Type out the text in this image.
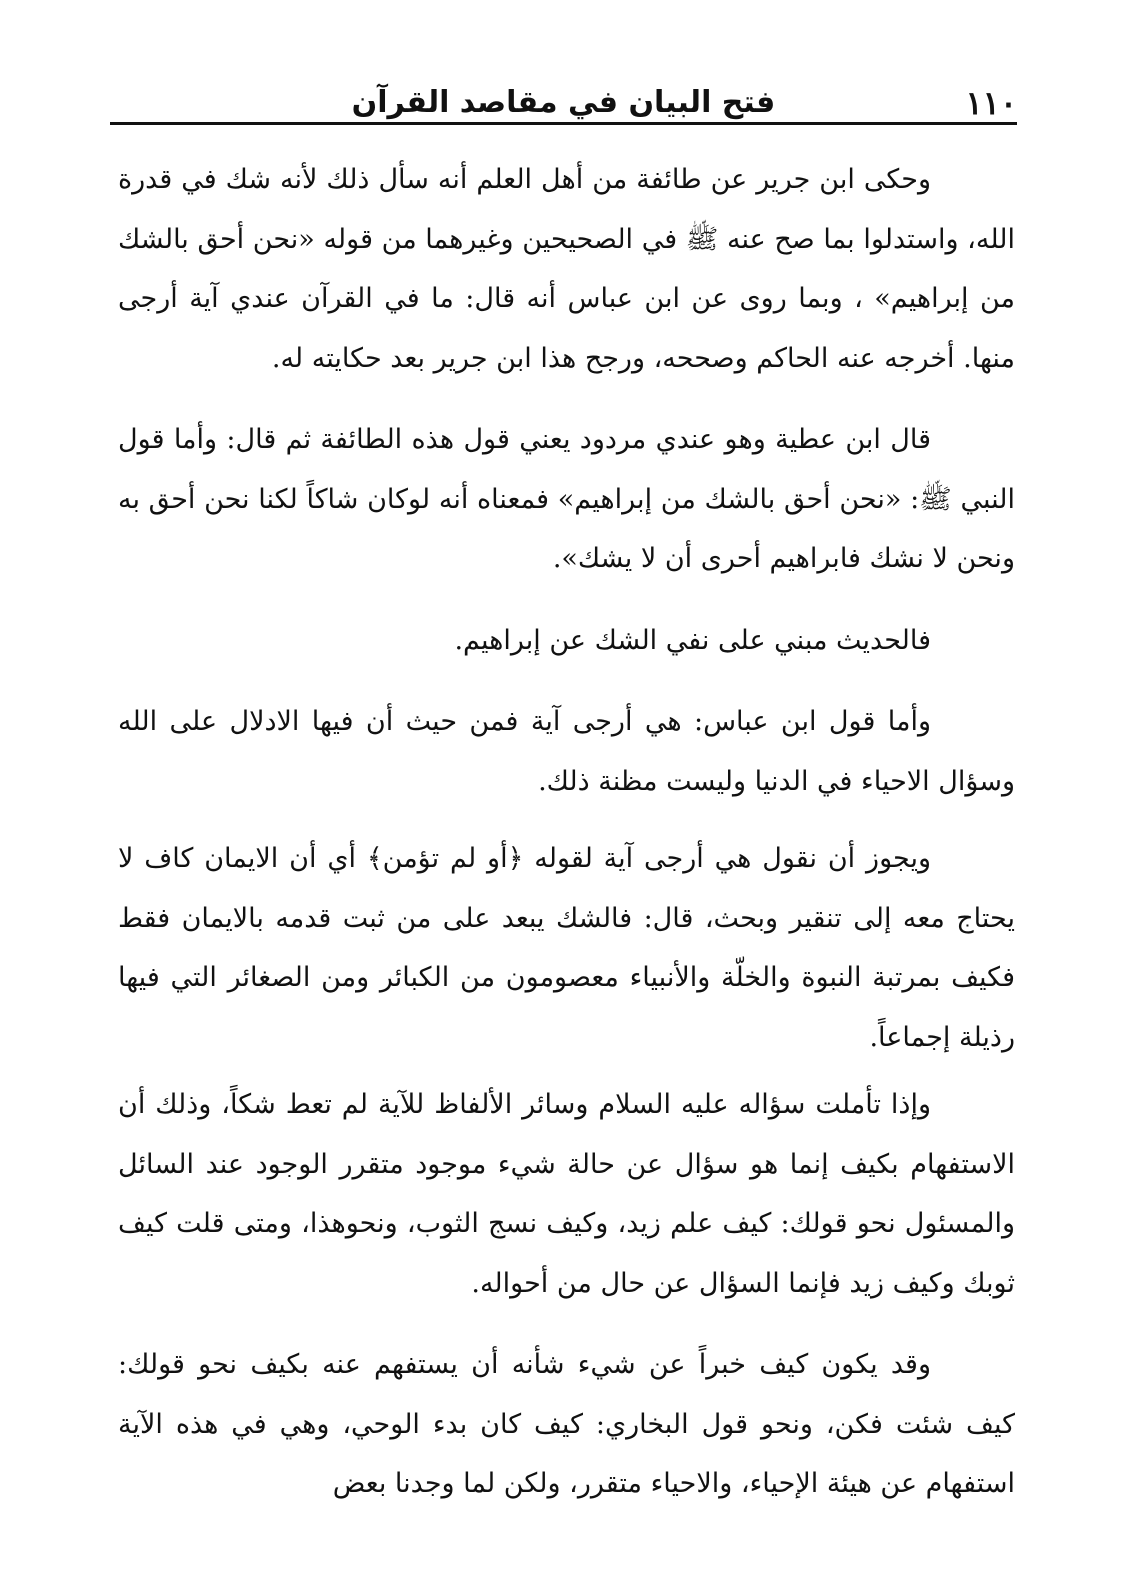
١١٠
فتح البيان في مقاصد القرآن

وحكى ابن جرير عن طائفة من أهل العلم أنه سأل ذلك لأنه شك في قدرة الله، واستدلوا بما صح عنه ﷺ في الصحيحين وغيرهما من قوله «نحن أحق بالشك من إبراهيم» ، وبما روى عن ابن عباس أنه قال: ما في القرآن عندي آية أرجى منها. أخرجه عنه الحاكم وصححه، ورجح هذا ابن جرير بعد حكايته له.

قال ابن عطية وهو عندي مردود يعني قول هذه الطائفة ثم قال: وأما قول النبي ﷺ: «نحن أحق بالشك من إبراهيم» فمعناه أنه لوكان شاكاً لكنا نحن أحق به ونحن لا نشك فابراهيم أحرى أن لا يشك».

فالحديث مبني على نفي الشك عن إبراهيم.

وأما قول ابن عباس: هي أرجى آية فمن حيث أن فيها الادلال على الله وسؤال الاحياء في الدنيا وليست مظنة ذلك.

ويجوز أن نقول هي أرجى آية لقوله ﴿أو لم تؤمن﴾ أي أن الايمان كاف لا يحتاج معه إلى تنقير وبحث، قال: فالشك يبعد على من ثبت قدمه بالايمان فقط فكيف بمرتبة النبوة والخلّة والأنبياء معصومون من الكبائر ومن الصغائر التي فيها رذيلة إجماعاً.

وإذا تأملت سؤاله عليه السلام وسائر الألفاظ للآية لم تعط شكاً، وذلك أن الاستفهام بكيف إنما هو سؤال عن حالة شيء موجود متقرر الوجود عند السائل والمسئول نحو قولك: كيف علم زيد، وكيف نسج الثوب، ونحوهذا، ومتى قلت كيف ثوبك وكيف زيد فإنما السؤال عن حال من أحواله.

وقد يكون كيف خبراً عن شيء شأنه أن يستفهم عنه بكيف نحو قولك: كيف شئت فكن، ونحو قول البخاري: كيف كان بدء الوحي، وهي في هذه الآية استفهام عن هيئة الإحياء، والاحياء متقرر، ولكن لما وجدنا بعض
